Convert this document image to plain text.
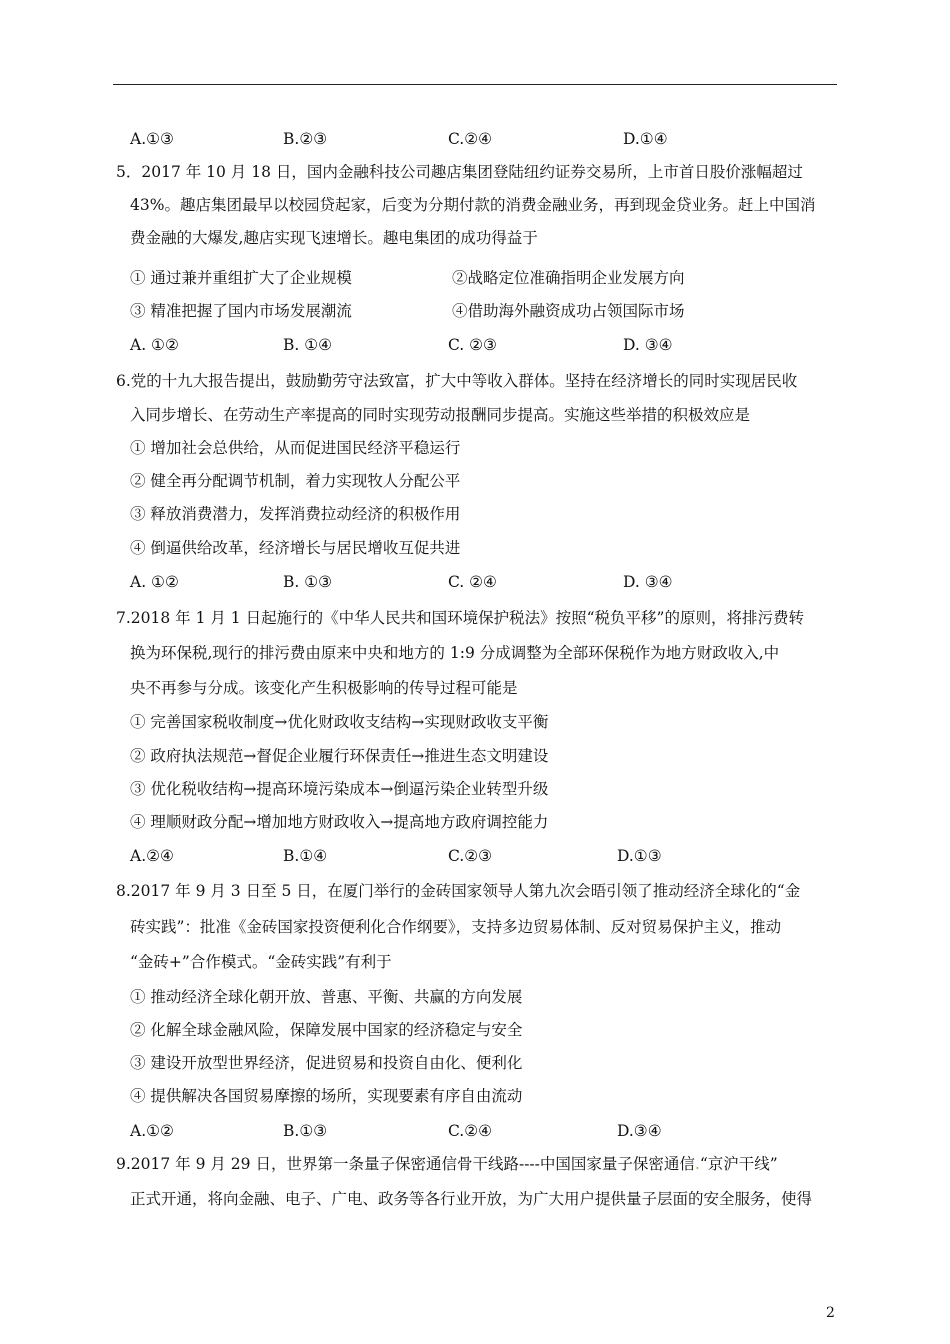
A.①③	B.②③	C.②④	D.①④
5．2017 年 10 月 18 日，国内金融科技公司趣店集团登陆纽约证券交易所，上市首日股价涨幅超过
43%。趣店集团最早以校园贷起家，后变为分期付款的消费金融业务，再到现金贷业务。赶上中国消
费金融的大爆发,趣店实现飞速增长。趣电集团的成功得益于
① 通过兼并重组扩大了企业规模	②战略定位准确指明企业发展方向
③ 精准把握了国内市场发展潮流	④借助海外融资成功占领国际市场
A. ①②	B. ①④	C. ②③	D. ③④
6.党的十九大报告提出，鼓励勤劳守法致富，扩大中等收入群体。坚持在经济增长的同时实现居民收
入同步增长、在劳动生产率提高的同时实现劳动报酬同步提高。实施这些举措的积极效应是
① 增加社会总供给，从而促进国民经济平稳运行
② 健全再分配调节机制，着力实现牧人分配公平
③ 释放消费潜力，发挥消费拉动经济的积极作用
④ 倒逼供给改革，经济增长与居民增收互促共进
A. ①②	B. ①③	C. ②④	D. ③④
7.2018 年 1 月 1 日起施行的《中华人民共和国环境保护税法》按照“税负平移”的原则，将排污费转
换为环保税,现行的排污费由原来中央和地方的 1:9 分成调整为全部环保税作为地方财政收入,中
央不再参与分成。该变化产生积极影响的传导过程可能是
① 完善国家税收制度→优化财政收支结构→实现财政收支平衡
② 政府执法规范→督促企业履行环保责任→推进生态文明建设
③ 优化税收结构→提高环境污染成本→倒逼污染企业转型升级
④ 理顺财政分配→增加地方财政收入→提高地方政府调控能力
A.②④	B.①④	C.②③	D.①③
8.2017 年 9 月 3 日至 5 日，在厦门举行的金砖国家领导人第九次会晤引领了推动经济全球化的“金
砖实践”：批准《金砖国家投资便利化合作纲要》，支持多边贸易体制、反对贸易保护主义，推动
“金砖+”合作模式。“金砖实践”有利于
① 推动经济全球化朝开放、普惠、平衡、共赢的方向发展
② 化解全球金融风险，保障发展中国家的经济稳定与安全
③ 建设开放型世界经济，促进贸易和投资自由化、便利化
④ 提供解决各国贸易摩擦的场所，实现要素有序自由流动
A.①②	B.①③	C.②④	D.③④
9.2017 年 9 月 29 日，世界第一条量子保密通信骨干线路----中国国家量子保密通信.“京沪干线”
正式开通，将向金融、电子、广电、政务等各行业开放，为广大用户提供量子层面的安全服务，使得
2
